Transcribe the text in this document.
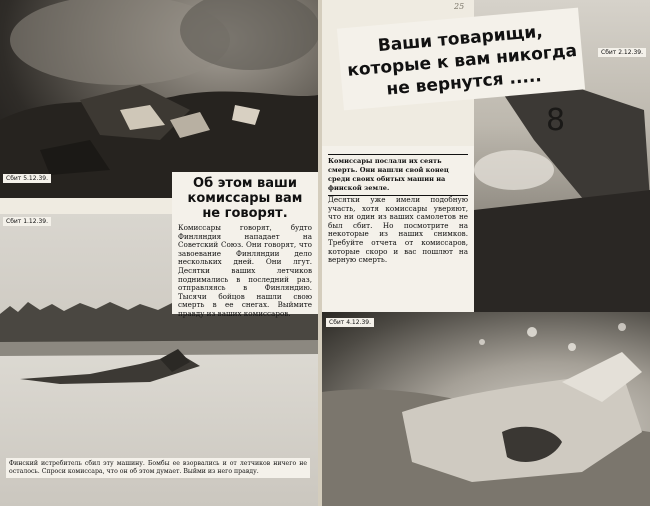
Сбит 5.12.39.
Сбит 1.12.39.
Об этом ваши комиссары вам не говорят.
Комиссары говорят, будто Финляндия нападает на Советский Союз. Они говорят, что завоевание Финляндии дело нескольких дней. Они лгут. Десятки ваших летчиков поднимались в последний раз, отправляясь в Финляндию. Тысячи бойцов нашли свою смерть в ее снегах. Выймите правду из ваших комиссаров.
Финский истребитель сбил эту машину. Бомбы ее взорвались и от летчиков ничего не осталось. Спроси комиссара, что он об этом думает. Выйми из него правду.
25
8
Сбит 2.12.39.
Ваши товарищи, которые к вам никогда не вернутся .....
Комиссары послали их сеять смерть. Они нашли свой конец среди своих обитых машин на финской земле.
Десятки уже имели подобную участь, хотя комиссары уверяют, что ни один из ваших самолетов не был сбит. Но посмотрите на некоторые из наших снимков. Требуйте отчета от комиссаров, которые скоро и вас пошлют на верную смерть.
Сбит 4.12.39.
